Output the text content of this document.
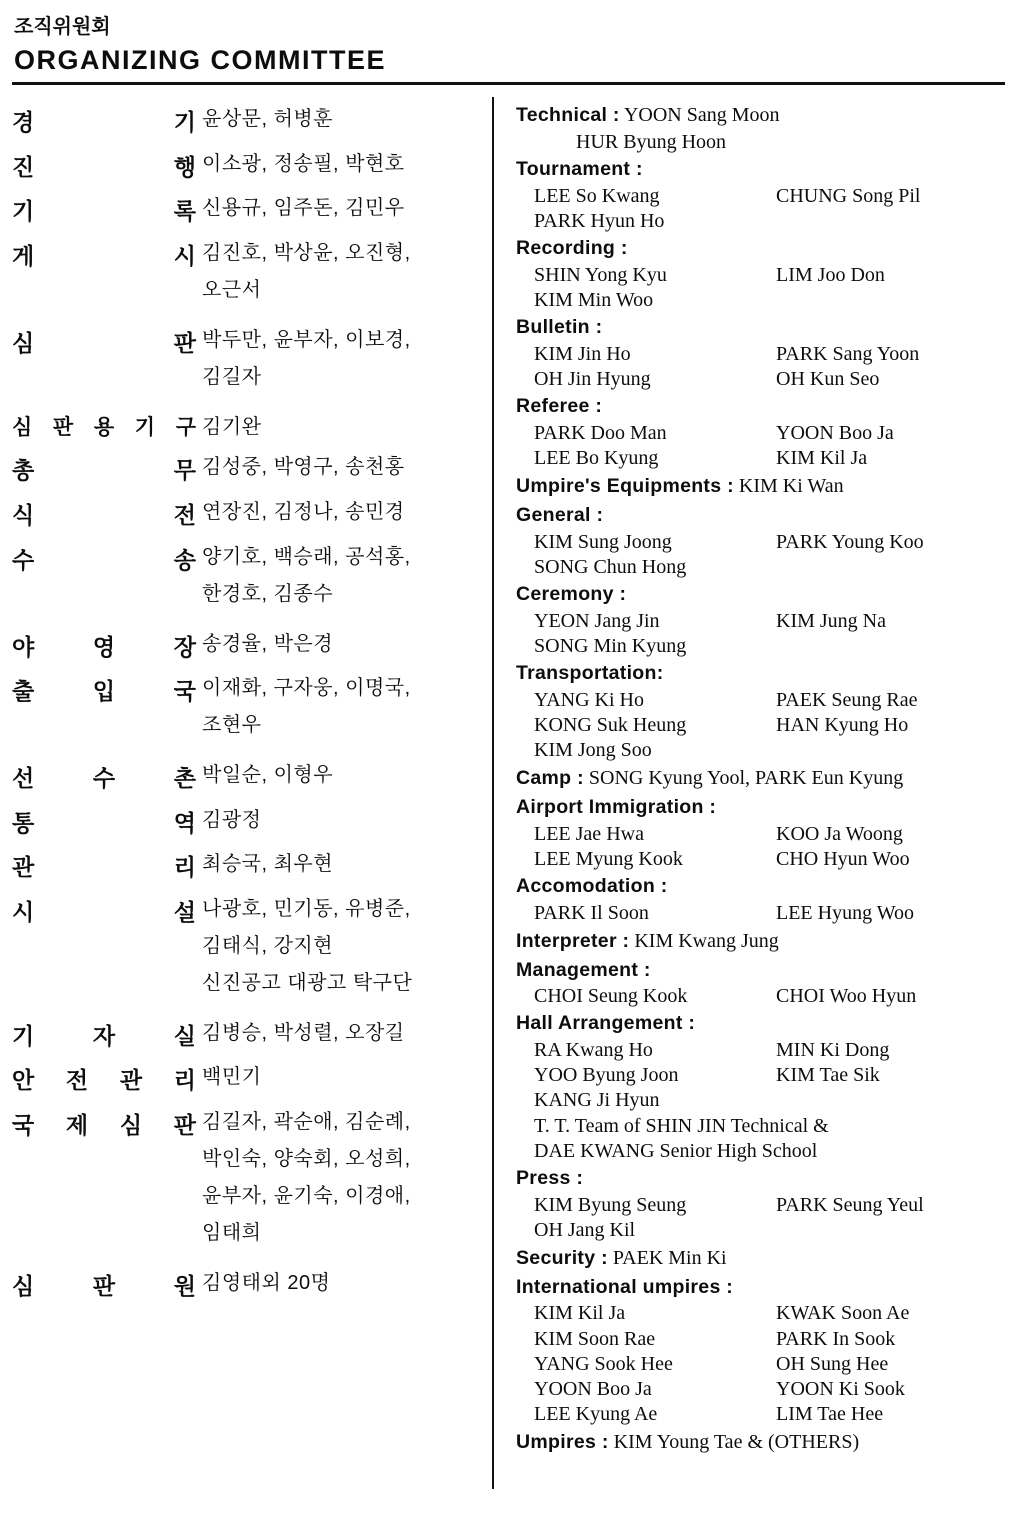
조직위원회
ORGANIZING COMMITTEE
경	기 윤상문, 허병훈
진	행 이소광, 정송필, 박현호
기	록 신용규, 임주돈, 김민우
게	시 김진호, 박상윤, 오진형,
오근서
심	판 박두만, 윤부자, 이보경,
김길자
심 판 용 기 구 김기완
총	무 김성중, 박영구, 송천홍
식	전 연장진, 김정나, 송민경
수	송 양기호, 백승래, 공석홍,
한경호, 김종수
야	영	장 송경율, 박은경
출	입	국 이재화, 구자웅, 이명국,
조현우
선	수	촌 박일순, 이형우
통	역 김광정
관	리 최승국, 최우현
시	설 나광호, 민기동, 유병준,
김태식, 강지현
신진공고 대광고 탁구단
기	자	실 김병승, 박성렬, 오장길
안 전 관 리 백민기
국 제 심 판 김길자, 곽순애, 김순례,
박인숙, 양숙회, 오성희,
윤부자, 윤기숙, 이경애,
임태희
심	판	원 김영태외 20명
Technical : YOON Sang Moon
HUR Byung Hoon
Tournament :
LEE So Kwang	CHUNG Song Pil
PARK Hyun Ho
Recording :
SHIN Yong Kyu	LIM Joo Don
KIM Min Woo
Bulletin :
KIM Jin Ho	PARK Sang Yoon
OH Jin Hyung	OH Kun Seo
Referee :
PARK Doo Man	YOON Boo Ja
LEE Bo Kyung	KIM Kil Ja
Umpire's Equipments : KIM Ki Wan
General :
KIM Sung Joong	PARK Young Koo
SONG Chun Hong
Ceremony :
YEON Jang Jin	KIM Jung Na
SONG Min Kyung
Transportation:
YANG Ki Ho	PAEK Seung Rae
KONG Suk Heung	HAN Kyung Ho
KIM Jong Soo
Camp : SONG Kyung Yool, PARK Eun Kyung
Airport Immigration :
LEE Jae Hwa	KOO Ja Woong
LEE Myung Kook	CHO Hyun Woo
Accomodation :
PARK Il Soon	LEE Hyung Woo
Interpreter : KIM Kwang Jung
Management :
CHOI Seung Kook	CHOI Woo Hyun
Hall Arrangement :
RA Kwang Ho	MIN Ki Dong
YOO Byung Joon	KIM Tae Sik
KANG Ji Hyun
T. T. Team of SHIN JIN Technical &
DAE KWANG Senior High School
Press :
KIM Byung Seung	PARK Seung Yeul
OH Jang Kil
Security : PAEK Min Ki
International umpires :
KIM Kil Ja	KWAK Soon Ae
KIM Soon Rae	PARK In Sook
YANG Sook Hee	OH Sung Hee
YOON Boo Ja	YOON Ki Sook
LEE Kyung Ae	LIM Tae Hee
Umpires : KIM Young Tae & (OTHERS)
